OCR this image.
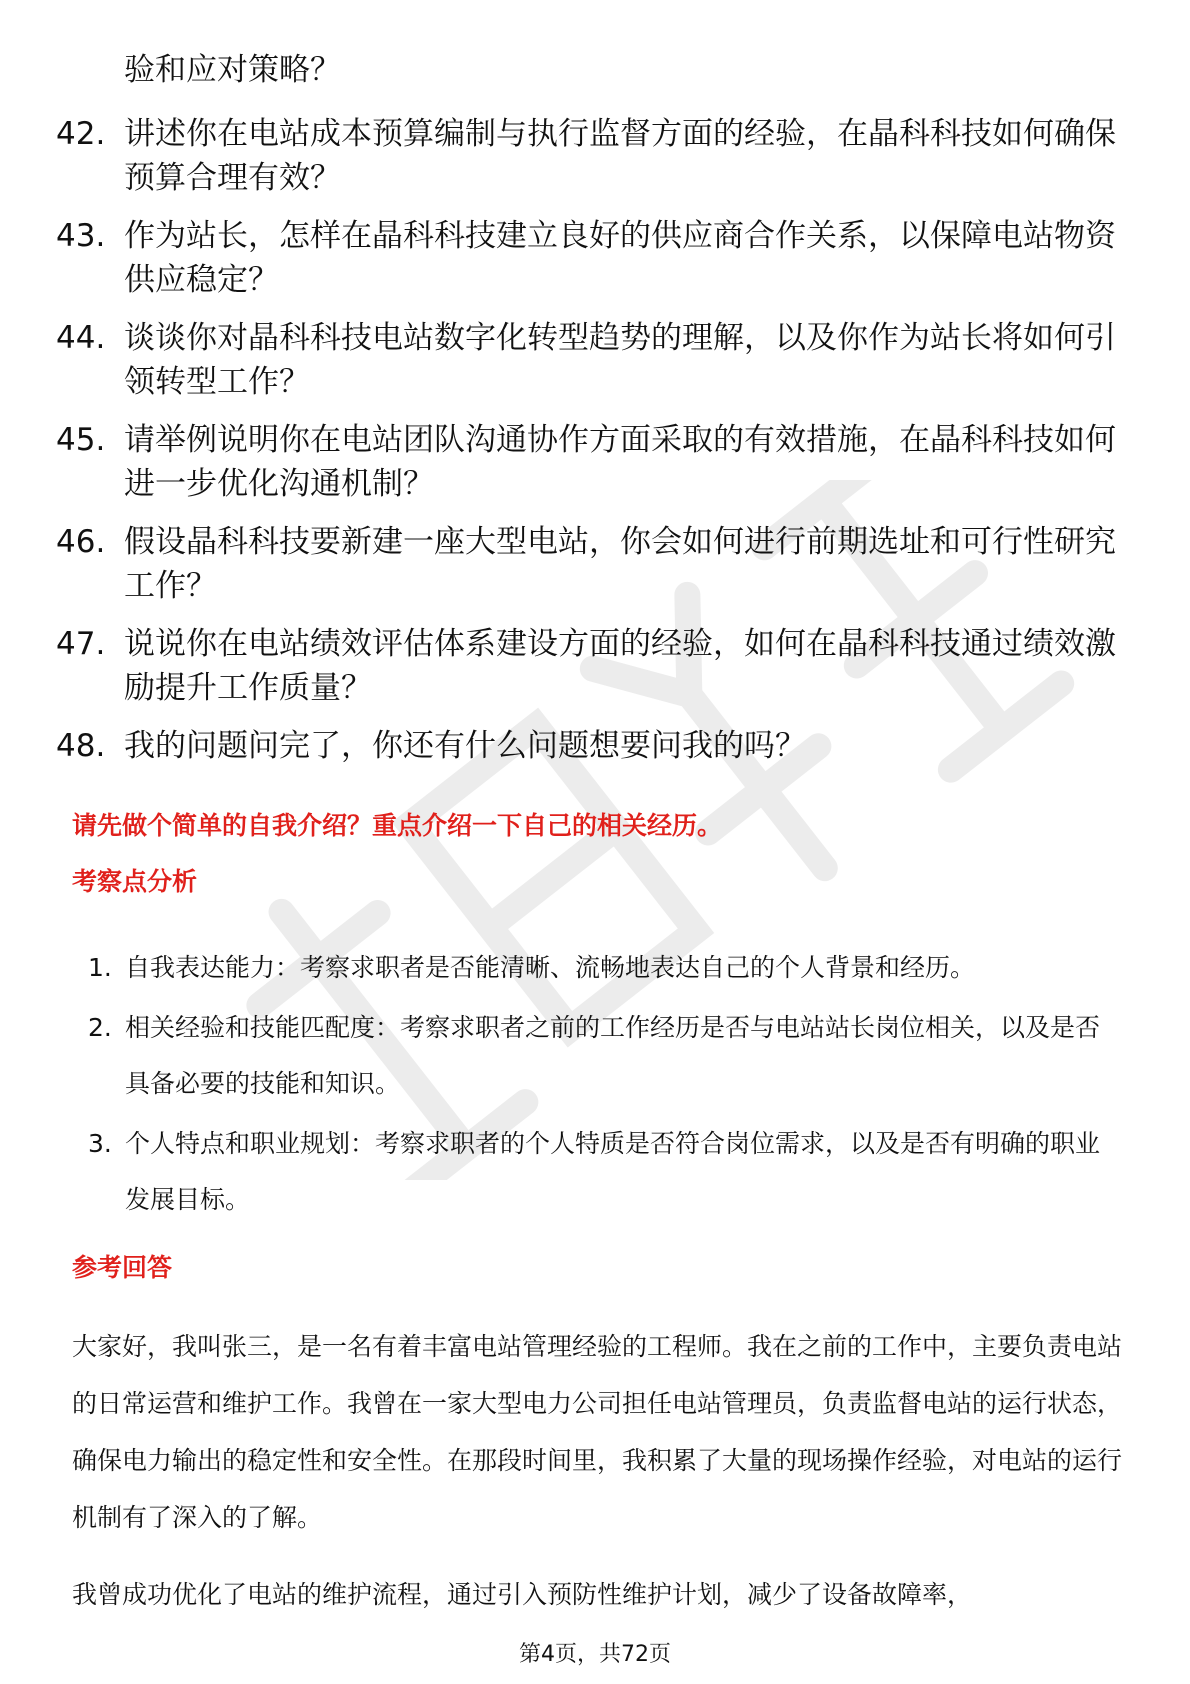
验和应对策略？
42. 讲述你在电站成本预算编制与执行监督方面的经验，在晶科科技如何确保预算合理有效？
43. 作为站长，怎样在晶科科技建立良好的供应商合作关系，以保障电站物资供应稳定？
44. 谈谈你对晶科科技电站数字化转型趋势的理解，以及你作为站长将如何引领转型工作？
45. 请举例说明你在电站团队沟通协作方面采取的有效措施，在晶科科技如何进一步优化沟通机制？
46. 假设晶科科技要新建一座大型电站，你会如何进行前期选址和可行性研究工作？
47. 说说你在电站绩效评估体系建设方面的经验，如何在晶科科技通过绩效激励提升工作质量？
48. 我的问题问完了，你还有什么问题想要问我的吗？
请先做个简单的自我介绍？重点介绍一下自己的相关经历。
考察点分析
1. 自我表达能力：考察求职者是否能清晰、流畅地表达自己的个人背景和经历。
2. 相关经验和技能匹配度：考察求职者之前的工作经历是否与电站站长岗位相关，以及是否具备必要的技能和知识。
3. 个人特点和职业规划：考察求职者的个人特质是否符合岗位需求，以及是否有明确的职业发展目标。
参考回答
大家好，我叫张三，是一名有着丰富电站管理经验的工程师。我在之前的工作中，主要负责电站的日常运营和维护工作。我曾在一家大型电力公司担任电站管理员，负责监督电站的运行状态，确保电力输出的稳定性和安全性。在那段时间里，我积累了大量的现场操作经验，对电站的运行机制有了深入的了解。
我曾成功优化了电站的维护流程，通过引入预防性维护计划，减少了设备故障率，
第4页，共72页
